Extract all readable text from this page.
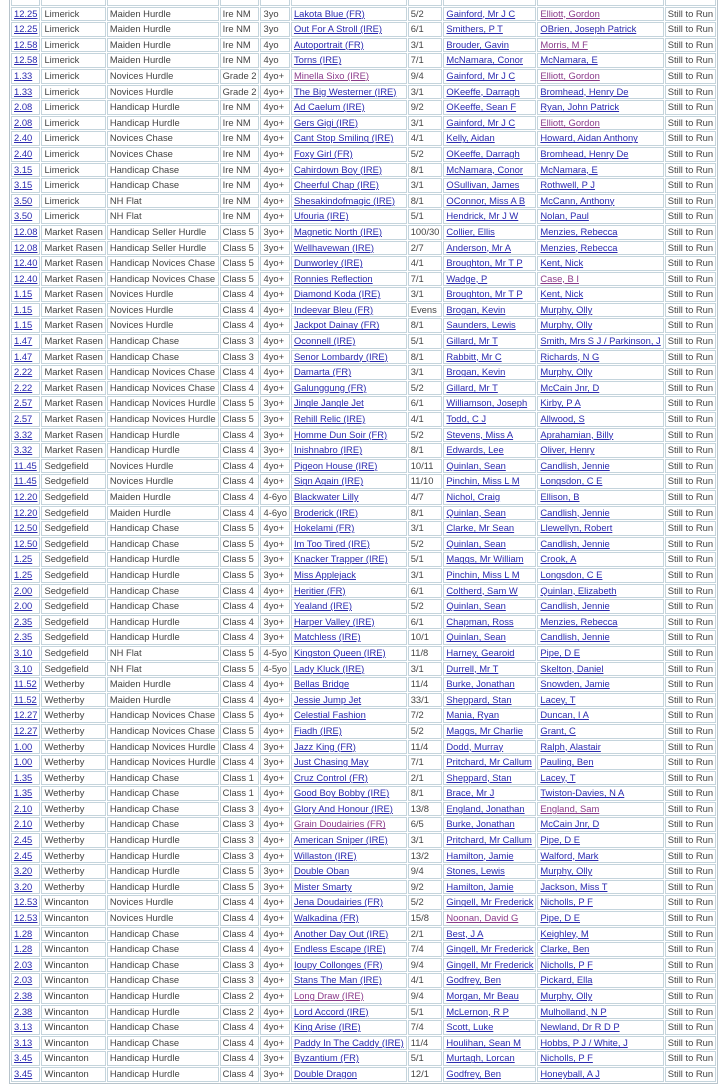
12.25	Limerick	Maiden Hurdle	Ire NM	3yo	Lakota Blue (FR)	5/2	Gainford, Mr J C	Elliott, Gordon	Still to Run
12.25	Limerick	Maiden Hurdle	Ire NM	3yo	Out For A Stroll (IRE)	6/1	Smithers, P T	OBrien, Joseph Patrick	Still to Run
12.58	Limerick	Maiden Hurdle	Ire NM	4yo	Autoportrait (FR)	3/1	Brouder, Gavin	Morris, M F	Still to Run
12.58	Limerick	Maiden Hurdle	Ire NM	4yo	Torns (IRE)	7/1	McNamara, Conor	McNamara, E	Still to Run
1.33	Limerick	Novices Hurdle	Grade 2	4yo+	Minella Sixo (IRE)	9/4	Gainford, Mr J C	Elliott, Gordon	Still to Run
1.33	Limerick	Novices Hurdle	Grade 2	4yo+	The Big Westerner (IRE)	3/1	OKeeffe, Darragh	Bromhead, Henry De	Still to Run
2.08	Limerick	Handicap Hurdle	Ire NM	4yo+	Ad Caelum (IRE)	9/2	OKeeffe, Sean F	Ryan, John Patrick	Still to Run
2.08	Limerick	Handicap Hurdle	Ire NM	4yo+	Gers Gigi (IRE)	3/1	Gainford, Mr J C	Elliott, Gordon	Still to Run
2.40	Limerick	Novices Chase	Ire NM	4yo+	Cant Stop Smiling (IRE)	4/1	Kelly, Aidan	Howard, Aidan Anthony	Still to Run
2.40	Limerick	Novices Chase	Ire NM	4yo+	Foxy Girl (FR)	5/2	OKeeffe, Darragh	Bromhead, Henry De	Still to Run
3.15	Limerick	Handicap Chase	Ire NM	4yo+	Cahirdown Boy (IRE)	8/1	McNamara, Conor	McNamara, E	Still to Run
3.15	Limerick	Handicap Chase	Ire NM	4yo+	Cheerful Chap (IRE)	3/1	OSullivan, James	Rothwell, P J	Still to Run
3.50	Limerick	NH Flat	Ire NM	4yo+	Shesakindofmagic (IRE)	8/1	OConnor, Miss A B	McCann, Anthony	Still to Run
3.50	Limerick	NH Flat	Ire NM	4yo+	Ufouria (IRE)	5/1	Hendrick, Mr J W	Nolan, Paul	Still to Run
12.08	Market Rasen	Handicap Seller Hurdle	Class 5	3yo+	Magnetic North (IRE)	100/30	Collier, Ellis	Menzies, Rebecca	Still to Run
12.08	Market Rasen	Handicap Seller Hurdle	Class 5	3yo+	Wellhavewan (IRE)	2/7	Anderson, Mr A	Menzies, Rebecca	Still to Run
12.40	Market Rasen	Handicap Novices Chase	Class 5	4yo+	Dunworley (IRE)	4/1	Broughton, Mr T P	Kent, Nick	Still to Run
12.40	Market Rasen	Handicap Novices Chase	Class 5	4yo+	Ronnies Reflection	7/1	Wadge, P	Case, B I	Still to Run
1.15	Market Rasen	Novices Hurdle	Class 4	4yo+	Diamond Koda (IRE)	3/1	Broughton, Mr T P	Kent, Nick	Still to Run
1.15	Market Rasen	Novices Hurdle	Class 4	4yo+	Indeevar Bleu (FR)	Evens	Brogan, Kevin	Murphy, Olly	Still to Run
1.15	Market Rasen	Novices Hurdle	Class 4	4yo+	Jackpot Dainay (FR)	8/1	Saunders, Lewis	Murphy, Olly	Still to Run
1.47	Market Rasen	Handicap Chase	Class 3	4yo+	Oconnell (IRE)	5/1	Gillard, Mr T	Smith, Mrs S J / Parkinson, J	Still to Run
1.47	Market Rasen	Handicap Chase	Class 3	4yo+	Senor Lombardy (IRE)	8/1	Rabbitt, Mr C	Richards, N G	Still to Run
2.22	Market Rasen	Handicap Novices Chase	Class 4	4yo+	Damarta (FR)	3/1	Brogan, Kevin	Murphy, Olly	Still to Run
2.22	Market Rasen	Handicap Novices Chase	Class 4	4yo+	Galunggung (FR)	5/2	Gillard, Mr T	McCain Jnr, D	Still to Run
2.57	Market Rasen	Handicap Novices Hurdle	Class 5	3yo+	Jingle Jangle Jet	6/1	Williamson, Joseph	Kirby, P A	Still to Run
2.57	Market Rasen	Handicap Novices Hurdle	Class 5	3yo+	Rehill Relic (IRE)	4/1	Todd, C J	Allwood, S	Still to Run
3.32	Market Rasen	Handicap Hurdle	Class 4	3yo+	Homme Dun Soir (FR)	5/2	Stevens, Miss A	Aprahamian, Billy	Still to Run
3.32	Market Rasen	Handicap Hurdle	Class 4	3yo+	Inishnabro (IRE)	8/1	Edwards, Lee	Oliver, Henry	Still to Run
11.45	Sedgefield	Novices Hurdle	Class 4	4yo+	Pigeon House (IRE)	10/11	Quinlan, Sean	Candlish, Jennie	Still to Run
11.45	Sedgefield	Novices Hurdle	Class 4	4yo+	Sign Again (IRE)	11/10	Pinchin, Miss L M	Longsdon, C E	Still to Run
12.20	Sedgefield	Maiden Hurdle	Class 4	4-6yo	Blackwater Lilly	4/7	Nichol, Craig	Ellison, B	Still to Run
12.20	Sedgefield	Maiden Hurdle	Class 4	4-6yo	Broderick (IRE)	8/1	Quinlan, Sean	Candlish, Jennie	Still to Run
12.50	Sedgefield	Handicap Chase	Class 5	4yo+	Hokelami (FR)	3/1	Clarke, Mr Sean	Llewellyn, Robert	Still to Run
12.50	Sedgefield	Handicap Chase	Class 5	4yo+	Im Too Tired (IRE)	5/2	Quinlan, Sean	Candlish, Jennie	Still to Run
1.25	Sedgefield	Handicap Hurdle	Class 5	3yo+	Knacker Trapper (IRE)	5/1	Maggs, Mr William	Crook, A	Still to Run
1.25	Sedgefield	Handicap Hurdle	Class 5	3yo+	Miss Applejack	3/1	Pinchin, Miss L M	Longsdon, C E	Still to Run
2.00	Sedgefield	Handicap Chase	Class 4	4yo+	Heritier (FR)	6/1	Coltherd, Sam W	Quinlan, Elizabeth	Still to Run
2.00	Sedgefield	Handicap Chase	Class 4	4yo+	Yealand (IRE)	5/2	Quinlan, Sean	Candlish, Jennie	Still to Run
2.35	Sedgefield	Handicap Hurdle	Class 4	3yo+	Harper Valley (IRE)	6/1	Chapman, Ross	Menzies, Rebecca	Still to Run
2.35	Sedgefield	Handicap Hurdle	Class 4	3yo+	Matchless (IRE)	10/1	Quinlan, Sean	Candlish, Jennie	Still to Run
3.10	Sedgefield	NH Flat	Class 5	4-5yo	Kingston Queen (IRE)	11/8	Harney, Gearoid	Pipe, D E	Still to Run
3.10	Sedgefield	NH Flat	Class 5	4-5yo	Lady Kluck (IRE)	3/1	Durrell, Mr T	Skelton, Daniel	Still to Run
11.52	Wetherby	Maiden Hurdle	Class 4	4yo+	Bellas Bridge	11/4	Burke, Jonathan	Snowden, Jamie	Still to Run
11.52	Wetherby	Maiden Hurdle	Class 4	4yo+	Jessie Jump Jet	33/1	Sheppard, Stan	Lacey, T	Still to Run
12.27	Wetherby	Handicap Novices Chase	Class 5	4yo+	Celestial Fashion	7/2	Mania, Ryan	Duncan, I A	Still to Run
12.27	Wetherby	Handicap Novices Chase	Class 5	4yo+	Fiadh (IRE)	5/2	Maggs, Mr Charlie	Grant, C	Still to Run
1.00	Wetherby	Handicap Novices Hurdle	Class 4	3yo+	Jazz King (FR)	11/4	Dodd, Murray	Ralph, Alastair	Still to Run
1.00	Wetherby	Handicap Novices Hurdle	Class 4	3yo+	Just Chasing May	7/1	Pritchard, Mr Callum	Pauling, Ben	Still to Run
1.35	Wetherby	Handicap Chase	Class 1	4yo+	Cruz Control (FR)	2/1	Sheppard, Stan	Lacey, T	Still to Run
1.35	Wetherby	Handicap Chase	Class 1	4yo+	Good Boy Bobby (IRE)	8/1	Brace, Mr J	Twiston-Davies, N A	Still to Run
2.10	Wetherby	Handicap Chase	Class 3	4yo+	Glory And Honour (IRE)	13/8	England, Jonathan	England, Sam	Still to Run
2.10	Wetherby	Handicap Chase	Class 3	4yo+	Grain Doudairies (FR)	6/5	Burke, Jonathan	McCain Jnr, D	Still to Run
2.45	Wetherby	Handicap Hurdle	Class 3	4yo+	American Sniper (IRE)	3/1	Pritchard, Mr Callum	Pipe, D E	Still to Run
2.45	Wetherby	Handicap Hurdle	Class 3	4yo+	Willaston (IRE)	13/2	Hamilton, Jamie	Walford, Mark	Still to Run
3.20	Wetherby	Handicap Hurdle	Class 5	3yo+	Double Oban	9/4	Stones, Lewis	Murphy, Olly	Still to Run
3.20	Wetherby	Handicap Hurdle	Class 5	3yo+	Mister Smarty	9/2	Hamilton, Jamie	Jackson, Miss T	Still to Run
12.53	Wincanton	Novices Hurdle	Class 4	4yo+	Jena Doudairies (FR)	5/2	Gingell, Mr Frederick	Nicholls, P F	Still to Run
12.53	Wincanton	Novices Hurdle	Class 4	4yo+	Walkadina (FR)	15/8	Noonan, David G	Pipe, D E	Still to Run
1.28	Wincanton	Handicap Chase	Class 4	4yo+	Another Day Out (IRE)	2/1	Best, J A	Keighley, M	Still to Run
1.28	Wincanton	Handicap Chase	Class 4	4yo+	Endless Escape (IRE)	7/4	Gingell, Mr Frederick	Clarke, Ben	Still to Run
2.03	Wincanton	Handicap Chase	Class 3	4yo+	Ioupy Collonges (FR)	9/4	Gingell, Mr Frederick	Nicholls, P F	Still to Run
2.03	Wincanton	Handicap Chase	Class 3	4yo+	Stans The Man (IRE)	4/1	Godfrey, Ben	Pickard, Ella	Still to Run
2.38	Wincanton	Handicap Hurdle	Class 2	4yo+	Long Draw (IRE)	9/4	Morgan, Mr Beau	Murphy, Olly	Still to Run
2.38	Wincanton	Handicap Hurdle	Class 2	4yo+	Lord Accord (IRE)	5/1	McLernon, R P	Mulholland, N P	Still to Run
3.13	Wincanton	Handicap Chase	Class 4	4yo+	King Arise (IRE)	7/4	Scott, Luke	Newland, Dr R D P	Still to Run
3.13	Wincanton	Handicap Chase	Class 4	4yo+	Paddy In The Caddy (IRE)	11/4	Houlihan, Sean M	Hobbs, P J / White, J	Still to Run
3.45	Wincanton	Handicap Hurdle	Class 4	3yo+	Byzantium (FR)	5/1	Murtagh, Lorcan	Nicholls, P F	Still to Run
3.45	Wincanton	Handicap Hurdle	Class 4	3yo+	Double Dragon	12/1	Godfrey, Ben	Honeyball, A J	Still to Run
